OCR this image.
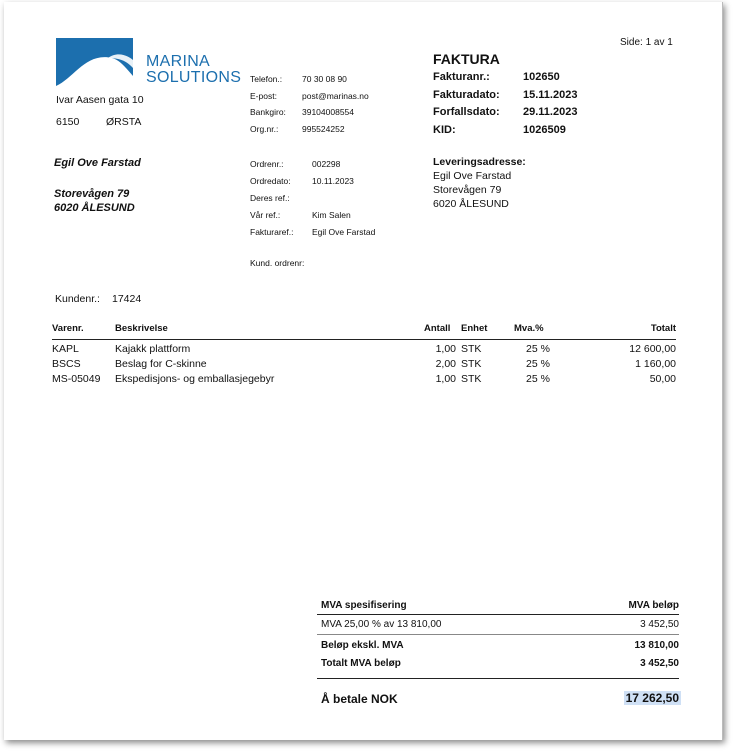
Side: 1 av 1
MARINA
SOLUTIONS
Ivar Aasen gata 10
6150	ØRSTA
Telefon.:	70 30 08 90
E-post:	post@marinas.no
Bankgiro:	39104008554
Org.nr.:	995524252
FAKTURA
Fakturanr.:	102650
Fakturadato:	15.11.2023
Forfallsdato:	29.11.2023
KID:	1026509
Egil Ove Farstad
Storevågen 79
6020 ÅLESUND
Ordrenr.:	002298
Ordredato:	10.11.2023
Deres ref.:
Vår ref.:	Kim Salen
Fakturaref.:	Egil Ove Farstad
Kund. ordrenr:
Leveringsadresse:
Egil Ove Farstad
Storevågen 79
6020 ÅLESUND
Kundenr.:	17424
Varenr.	Beskrivelse	Antall Enhet	Mva.%	Totalt
KAPL	Kajakk plattform	1,00 STK	25 %	12 600,00
BSCS	Beslag for C-skinne	2,00 STK	25 %	1 160,00
MS-05049 Ekspedisjons- og emballasjegebyr	1,00 STK	25 %	50,00
MVA spesifisering	MVA beløp
MVA 25,00 % av 13 810,00	3 452,50
Beløp ekskl. MVA	13 810,00
Totalt MVA beløp	3 452,50
Å betale NOK	17 262,50
